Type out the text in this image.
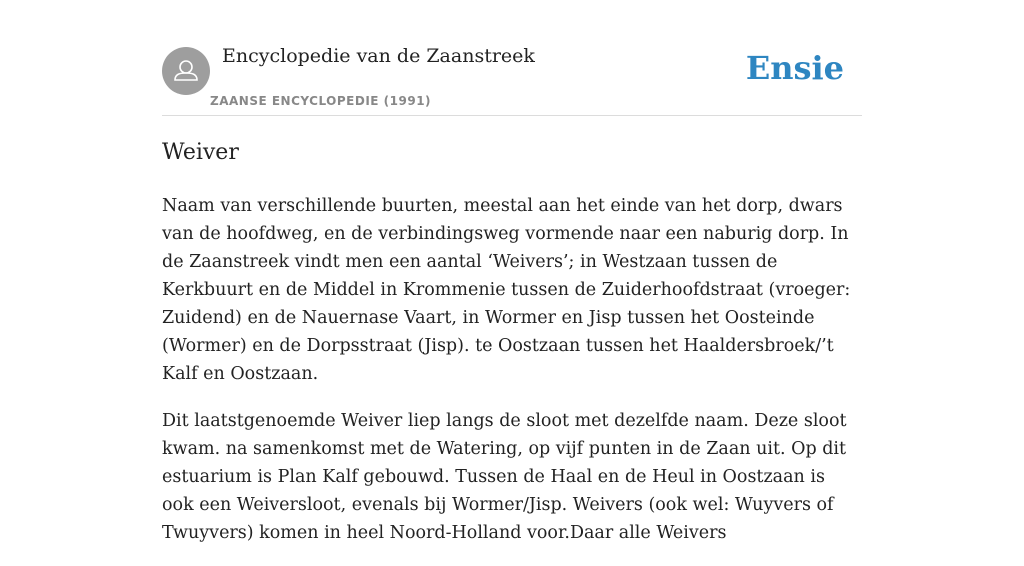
Encyclopedie van de Zaanstreek
ZAANSE ENCYCLOPEDIE (1991)
Ensie
Weiver

Naam van verschillende buurten, meestal aan het einde van het dorp, dwars van de hoofdweg, en de verbindingsweg vormende naar een naburig dorp. In de Zaanstreek vindt men een aantal ‘Weivers’; in Westzaan tussen de Kerkbuurt en de Middel in Krommenie tussen de Zuiderhoofdstraat (vroeger: Zuidend) en de Nauernase Vaart, in Wormer en Jisp tussen het Oosteinde (Wormer) en de Dorpsstraat (Jisp). te Oostzaan tussen het Haaldersbroek/’t Kalf en Oostzaan.

Dit laatstgenoemde Weiver liep langs de sloot met dezelfde naam. Deze sloot kwam. na samenkomst met de Watering, op vijf punten in de Zaan uit. Op dit estuarium is Plan Kalf gebouwd. Tussen de Haal en de Heul in Oostzaan is ook een Weiversloot, evenals bij Wormer/Jisp. Weivers (ook wel: Wuyvers of Twuyvers) komen in heel Noord-Holland voor.Daar alle Weivers
